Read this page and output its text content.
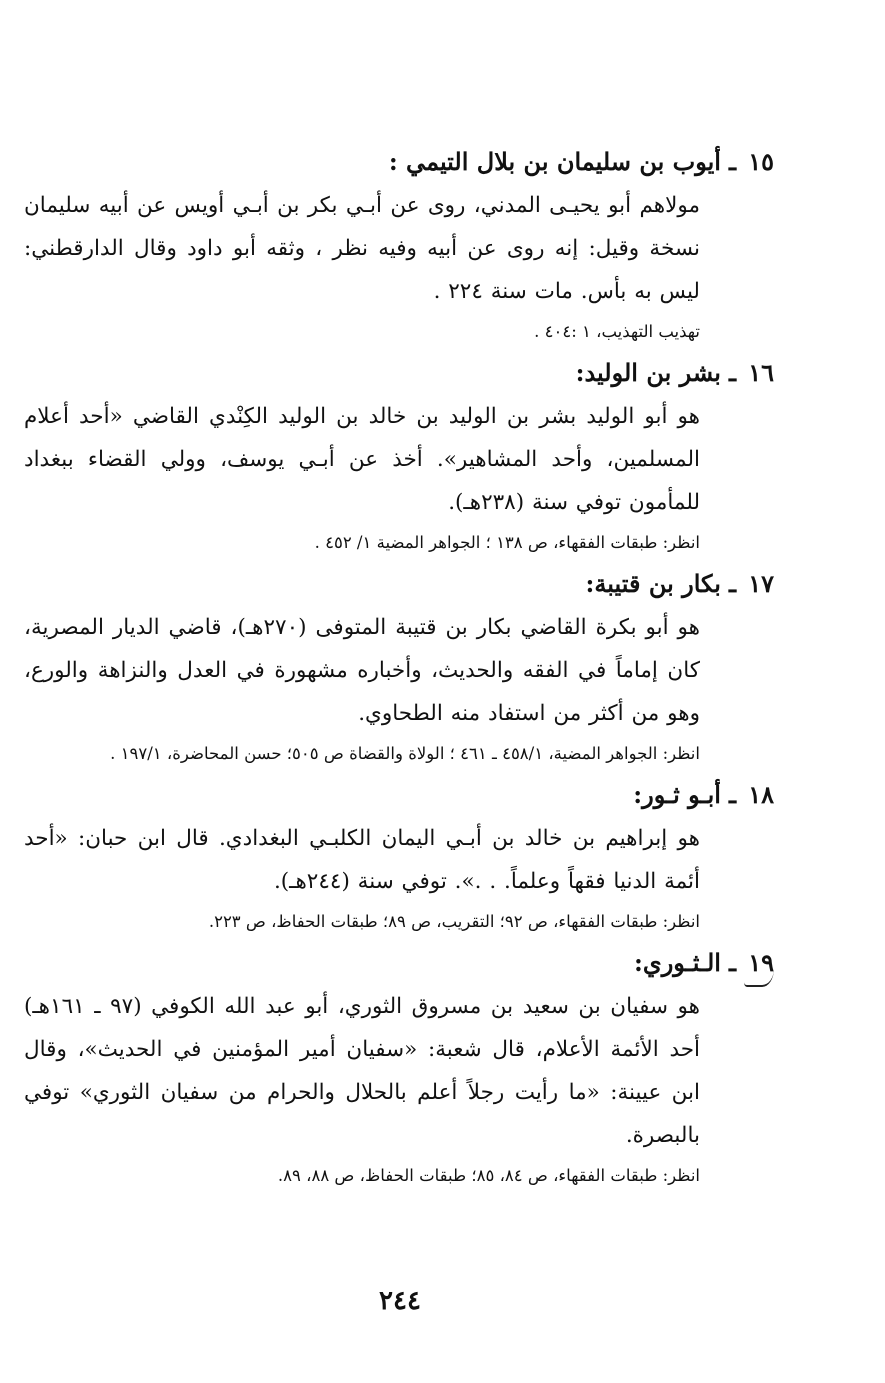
١٥ـأيوب بن سليمان بن بلال التيمي :
مولاهم أبو يحيـى المدني، روى عن أبـي بكر بن أبـي أويس عن أبيه سليمان نسخة وقيل: إنه روى عن أبيه وفيه نظر ، وثقه أبو داود وقال الدارقطني: ليس به بأس. مات سنة ٢٢٤ .
تهذيب التهذيب، ١ :٤٠٤ .
١٦ـبشر بن الوليد:
هو أبو الوليد بشر بن الوليد بن خالد بن الوليد الكِنْدي القاضي «أحد أعلام المسلمين، وأحد المشاهير». أخذ عن أبـي يوسف، وولي القضاء ببغداد للمأمون توفي سنة (٢٣٨هـ).
انظر: طبقات الفقهاء، ص ١٣٨ ؛ الجواهر المضية ١/ ٤٥٢ .
١٧ـبكار بن قتيبة:
هو أبو بكرة القاضي بكار بن قتيبة المتوفى (٢٧٠هـ)، قاضي الديار المصرية، كان إماماً في الفقه والحديث، وأخباره مشهورة في العدل والنزاهة والورع، وهو من أكثر من استفاد منه الطحاوي.
انظر: الجواهر المضية، ٤٥٨/١ ـ ٤٦١ ؛ الولاة والقضاة ص ٥٠٥؛ حسن المحاضرة، ١٩٧/١ .
١٨ـأبـو ثـور:
هو إبراهيم بن خالد بن أبـي اليمان الكلبـي البغدادي. قال ابن حبان: «أحد أئمة الدنيا فقهاً وعلماً. . .». توفي سنة (٢٤٤هـ).
انظر: طبقات الفقهاء، ص ٩٢؛ التقريب، ص ٨٩؛ طبقات الحفاظ، ص ٢٢٣.
١٩ـالـثـوري:
هو سفيان بن سعيد بن مسروق الثوري، أبو عبد الله الكوفي (٩٧ ـ ١٦١هـ) أحد الأئمة الأعلام، قال شعبة: «سفيان أمير المؤمنين في الحديث»، وقال ابن عيينة: «ما رأيت رجلاً أعلم بالحلال والحرام من سفيان الثوري» توفي بالبصرة.
انظر: طبقات الفقهاء، ص ٨٤، ٨٥؛ طبقات الحفاظ، ص ٨٨، ٨٩.
٢٤٤
